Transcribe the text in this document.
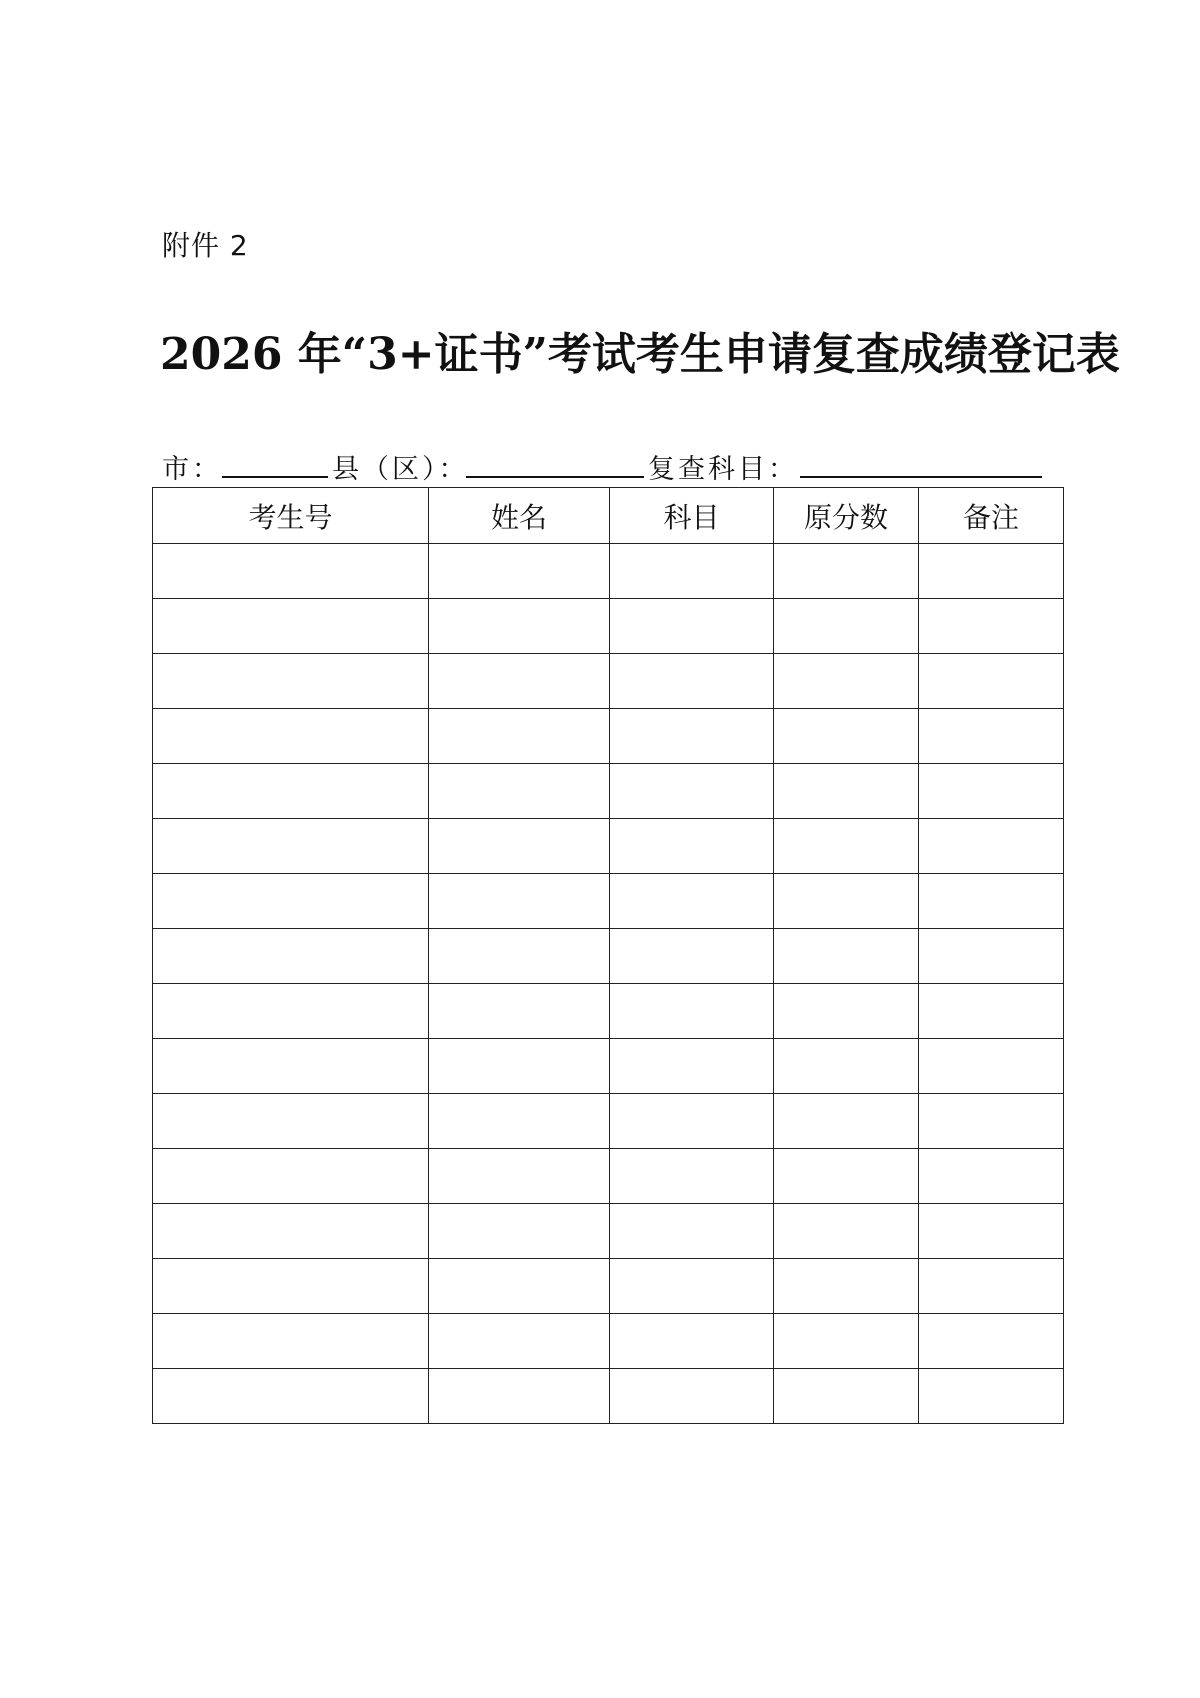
附件 2
2026 年“3+证书”考试考生申请复查成绩登记表
市：	县（区）：	复查科目：
考生号	姓名	科目	原分数	备注
